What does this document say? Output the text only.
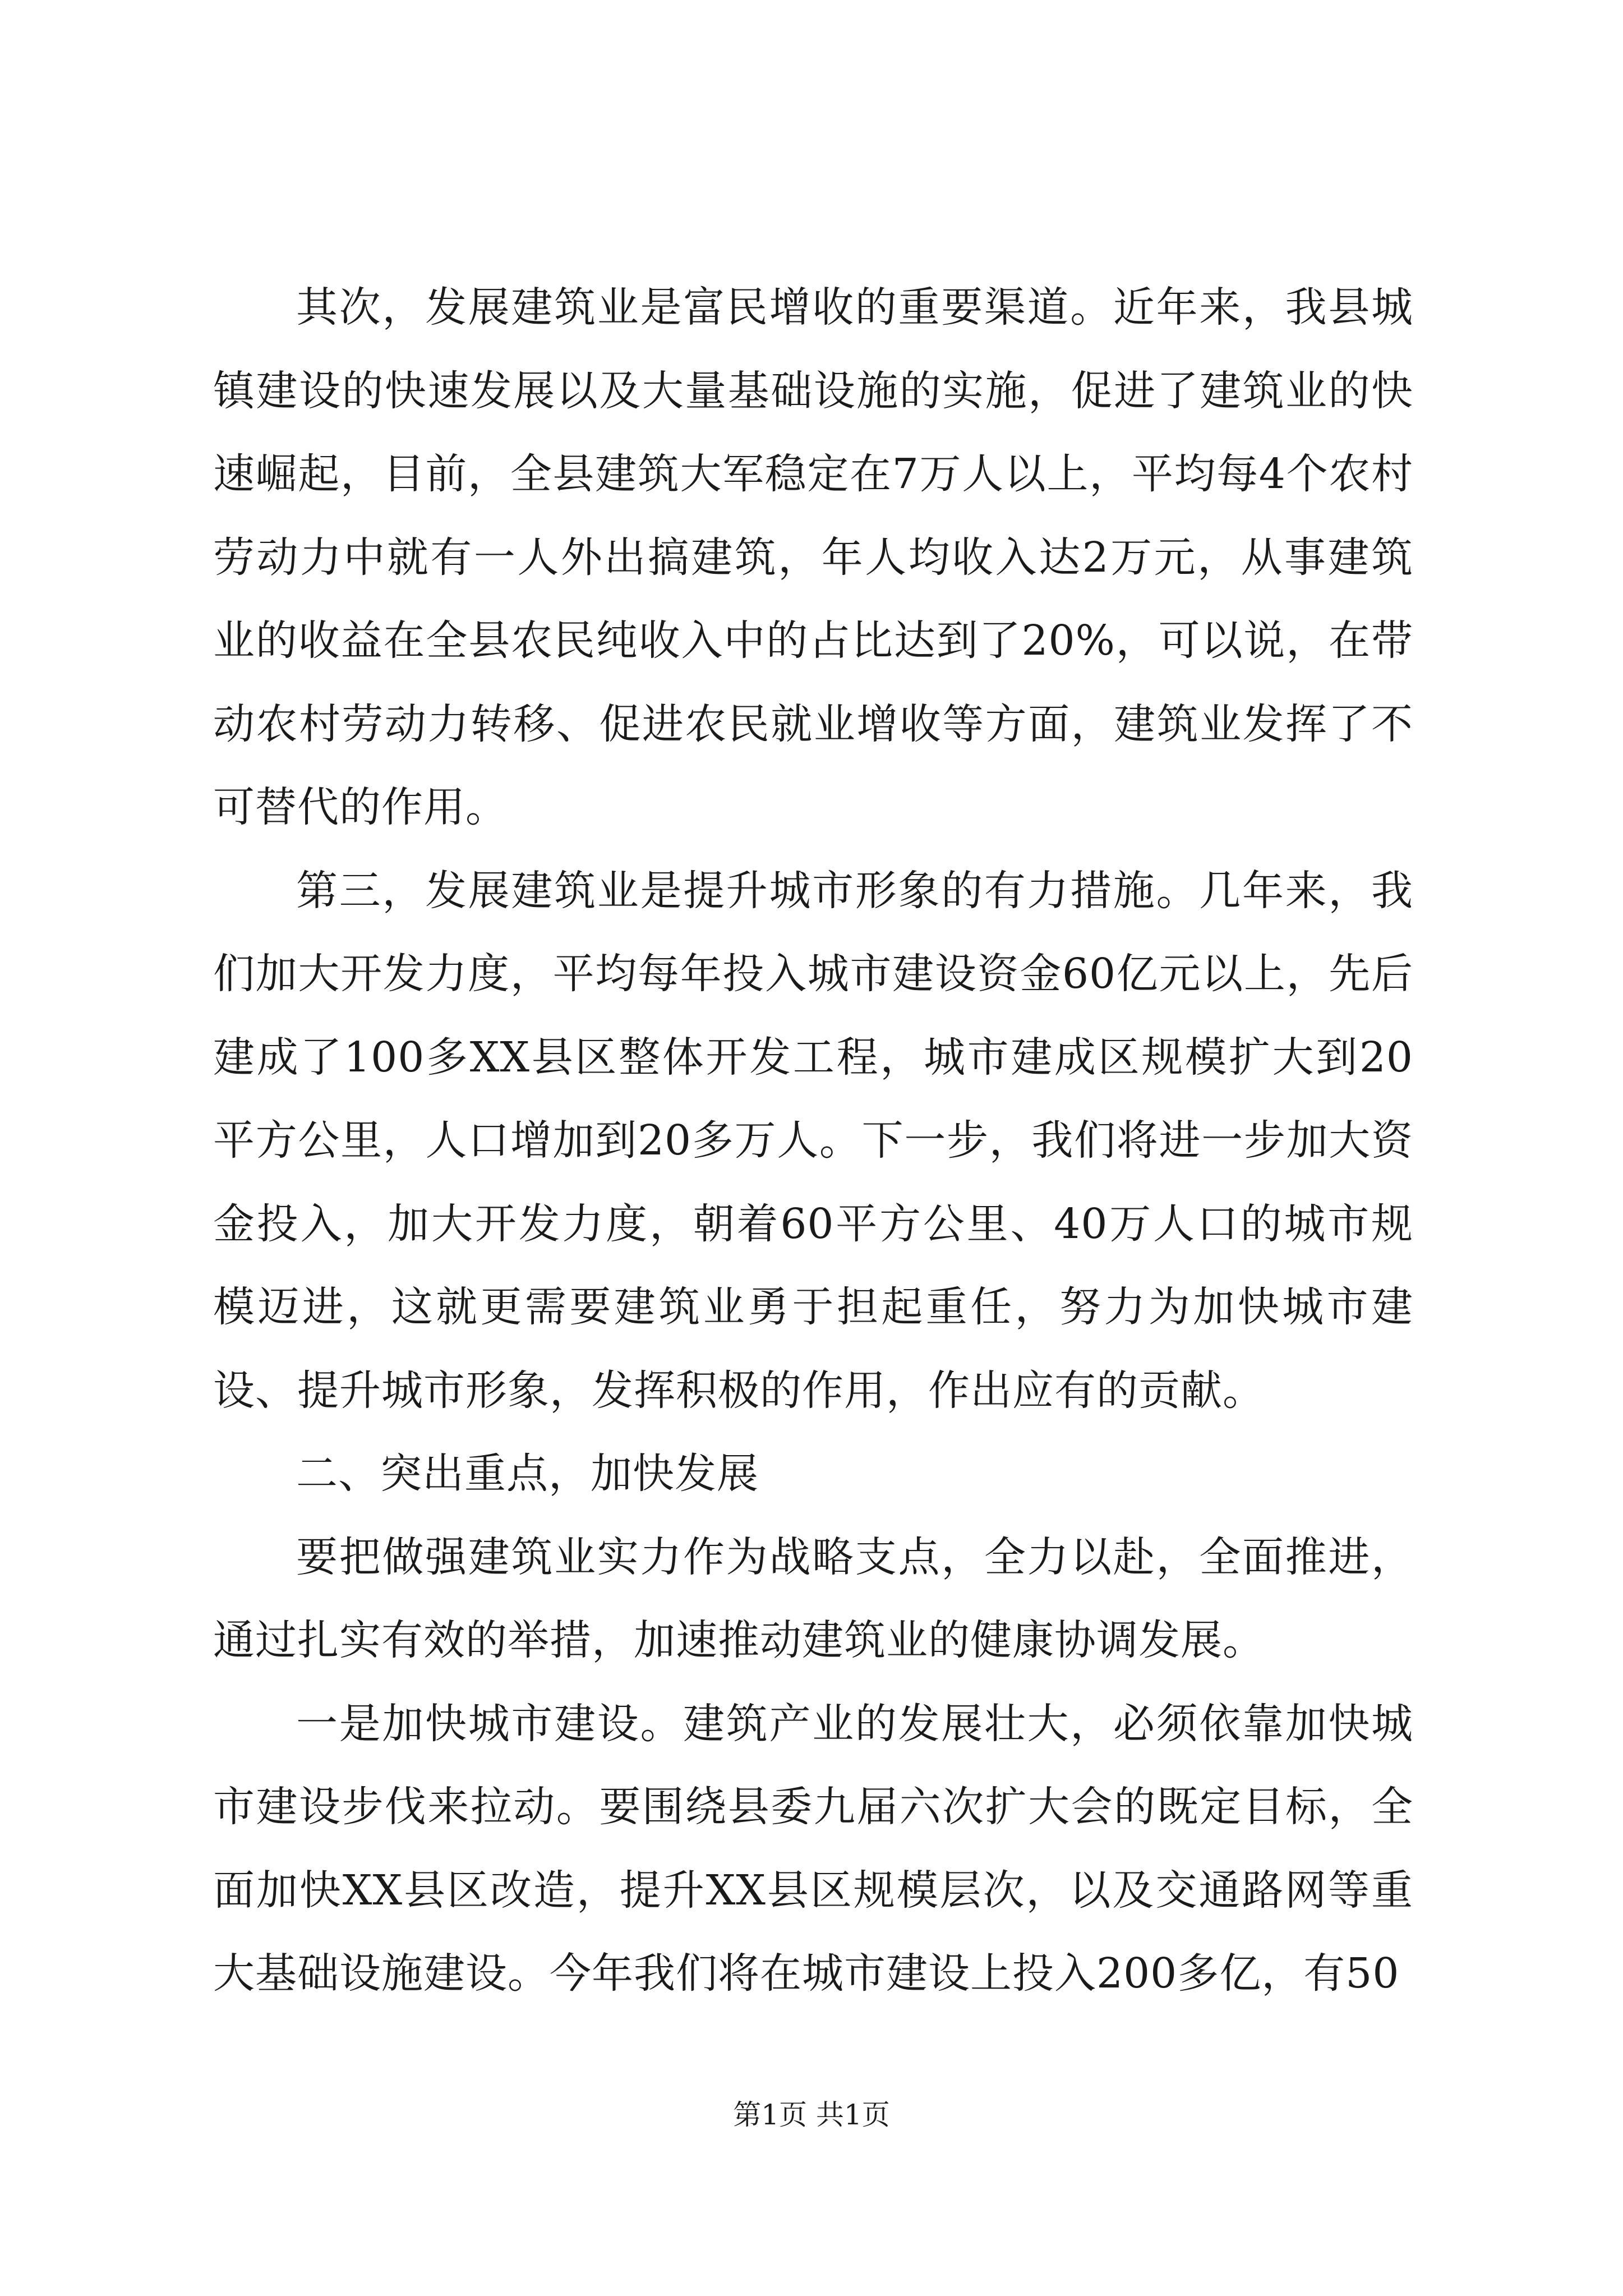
其次，发展建筑业是富民增收的重要渠道。近年来，我县城镇建设的快速发展以及大量基础设施的实施，促进了建筑业的快速崛起，目前，全县建筑大军稳定在7万人以上，平均每4个农村劳动力中就有一人外出搞建筑，年人均收入达2万元，从事建筑业的收益在全县农民纯收入中的占比达到了20%，可以说，在带动农村劳动力转移、促进农民就业增收等方面，建筑业发挥了不可替代的作用。

第三，发展建筑业是提升城市形象的有力措施。几年来，我们加大开发力度，平均每年投入城市建设资金60亿元以上，先后建成了100多XX县区整体开发工程，城市建成区规模扩大到20平方公里，人口增加到20多万人。下一步，我们将进一步加大资金投入，加大开发力度，朝着60平方公里、40万人口的城市规模迈进，这就更需要建筑业勇于担起重任，努力为加快城市建设、提升城市形象，发挥积极的作用，作出应有的贡献。

二、突出重点，加快发展

要把做强建筑业实力作为战略支点，全力以赴，全面推进，通过扎实有效的举措，加速推动建筑业的健康协调发展。

一是加快城市建设。建筑产业的发展壮大，必须依靠加快城市建设步伐来拉动。要围绕县委九届六次扩大会的既定目标，全面加快XX县区改造，提升XX县区规模层次，以及交通路网等重大基础设施建设。今年我们将在城市建设上投入200多亿，有50

第1页 共1页
